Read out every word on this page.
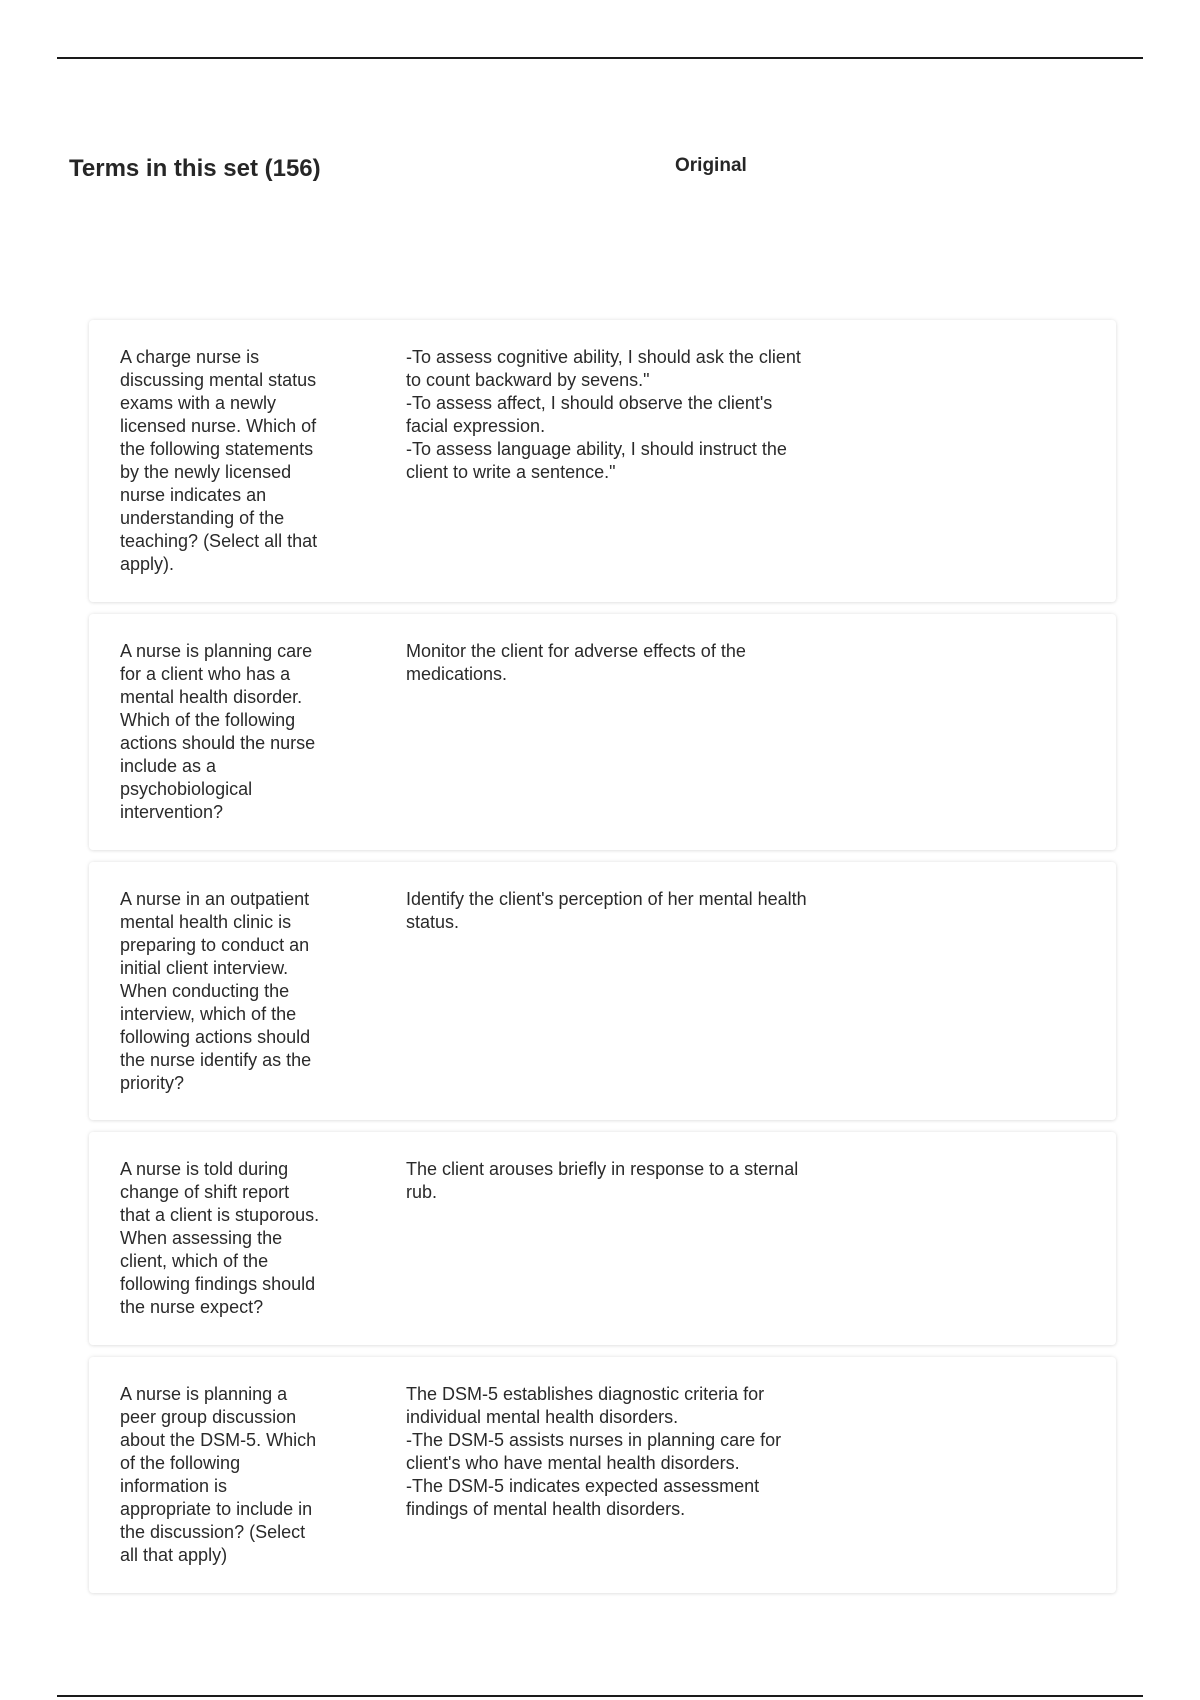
Terms in this set (156)	Original
A charge nurse is
discussing mental status
exams with a newly
licensed nurse. Which of
the following statements
by the newly licensed
nurse indicates an
understanding of the
teaching? (Select all that
apply).
-To assess cognitive ability, I should ask the client
to count backward by sevens."
-To assess affect, I should observe the client's
facial expression.
-To assess language ability, I should instruct the
client to write a sentence."
A nurse is planning care
for a client who has a
mental health disorder.
Which of the following
actions should the nurse
include as a
psychobiological
intervention?
Monitor the client for adverse effects of the
medications.
A nurse in an outpatient
mental health clinic is
preparing to conduct an
initial client interview.
When conducting the
interview, which of the
following actions should
the nurse identify as the
priority?
Identify the client's perception of her mental health
status.
A nurse is told during
change of shift report
that a client is stuporous.
When assessing the
client, which of the
following findings should
the nurse expect?
The client arouses briefly in response to a sternal
rub.
A nurse is planning a
peer group discussion
about the DSM-5. Which
of the following
information is
appropriate to include in
the discussion? (Select
all that apply)
The DSM-5 establishes diagnostic criteria for
individual mental health disorders.
-The DSM-5 assists nurses in planning care for
client's who have mental health disorders.
-The DSM-5 indicates expected assessment
findings of mental health disorders.
